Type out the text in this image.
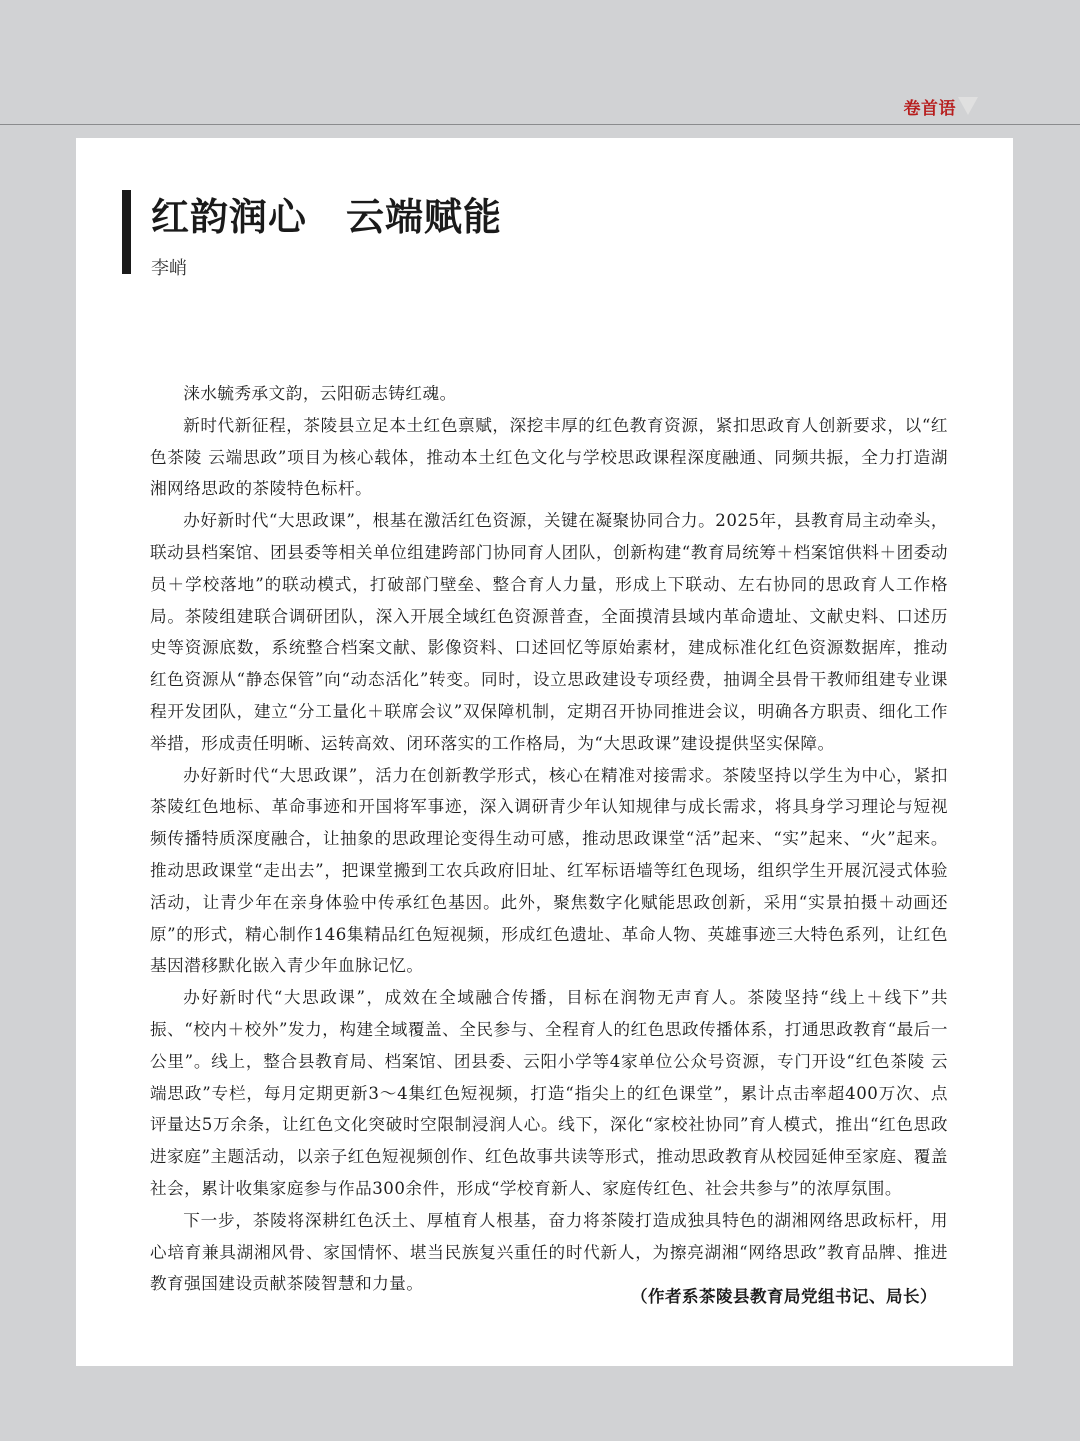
卷首语
红韵润心　云端赋能
李峭

涞水毓秀承文韵，云阳砺志铸红魂。

新时代新征程，茶陵县立足本土红色禀赋，深挖丰厚的红色教育资源，紧扣思政育人创新要求，以“红色茶陵 云端思政”项目为核心载体，推动本土红色文化与学校思政课程深度融通、同频共振，全力打造湖湘网络思政的茶陵特色标杆。

办好新时代“大思政课”，根基在激活红色资源，关键在凝聚协同合力。2025年，县教育局主动牵头，联动县档案馆、团县委等相关单位组建跨部门协同育人团队，创新构建“教育局统筹＋档案馆供料＋团委动员＋学校落地”的联动模式，打破部门壁垒、整合育人力量，形成上下联动、左右协同的思政育人工作格局。茶陵组建联合调研团队，深入开展全域红色资源普查，全面摸清县域内革命遗址、文献史料、口述历史等资源底数，系统整合档案文献、影像资料、口述回忆等原始素材，建成标准化红色资源数据库，推动红色资源从“静态保管”向“动态活化”转变。同时，设立思政建设专项经费，抽调全县骨干教师组建专业课程开发团队，建立“分工量化＋联席会议”双保障机制，定期召开协同推进会议，明确各方职责、细化工作举措，形成责任明晰、运转高效、闭环落实的工作格局，为“大思政课”建设提供坚实保障。

办好新时代“大思政课”，活力在创新教学形式，核心在精准对接需求。茶陵坚持以学生为中心，紧扣茶陵红色地标、革命事迹和开国将军事迹，深入调研青少年认知规律与成长需求，将具身学习理论与短视频传播特质深度融合，让抽象的思政理论变得生动可感，推动思政课堂“活”起来、“实”起来、“火”起来。推动思政课堂“走出去”，把课堂搬到工农兵政府旧址、红军标语墙等红色现场，组织学生开展沉浸式体验活动，让青少年在亲身体验中传承红色基因。此外，聚焦数字化赋能思政创新，采用“实景拍摄＋动画还原”的形式，精心制作146集精品红色短视频，形成红色遗址、革命人物、英雄事迹三大特色系列，让红色基因潜移默化嵌入青少年血脉记忆。

办好新时代“大思政课”，成效在全域融合传播，目标在润物无声育人。茶陵坚持“线上＋线下”共振、“校内＋校外”发力，构建全域覆盖、全民参与、全程育人的红色思政传播体系，打通思政教育“最后一公里”。线上，整合县教育局、档案馆、团县委、云阳小学等4家单位公众号资源，专门开设“红色茶陵 云端思政”专栏，每月定期更新3～4集红色短视频，打造“指尖上的红色课堂”，累计点击率超400万次、点评量达5万余条，让红色文化突破时空限制浸润人心。线下，深化“家校社协同”育人模式，推出“红色思政进家庭”主题活动，以亲子红色短视频创作、红色故事共读等形式，推动思政教育从校园延伸至家庭、覆盖社会，累计收集家庭参与作品300余件，形成“学校育新人、家庭传红色、社会共参与”的浓厚氛围。

下一步，茶陵将深耕红色沃土、厚植育人根基，奋力将茶陵打造成独具特色的湖湘网络思政标杆，用心培育兼具湖湘风骨、家国情怀、堪当民族复兴重任的时代新人，为擦亮湖湘“网络思政”教育品牌、推进教育强国建设贡献茶陵智慧和力量。

（作者系茶陵县教育局党组书记、局长）
